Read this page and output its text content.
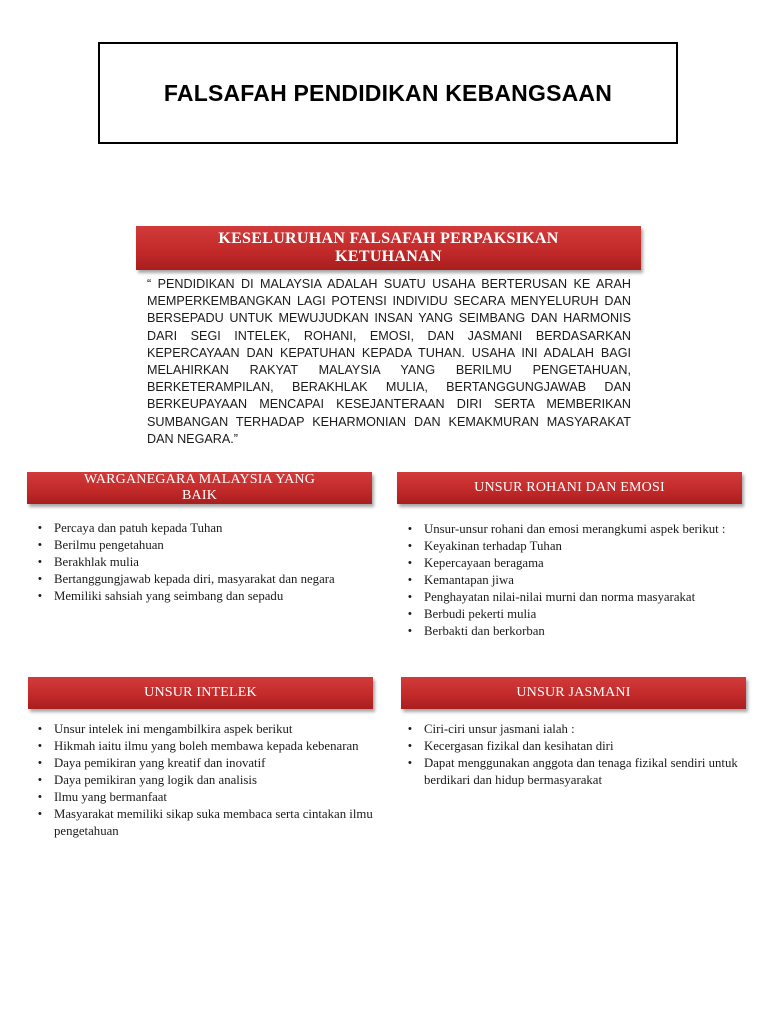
FALSAFAH PENDIDIKAN KEBANGSAAN
KESELURUHAN FALSAFAH PERPAKSIKAN
KETUHANAN

“ PENDIDIKAN DI MALAYSIA ADALAH SUATU USAHA BERTERUSAN KE ARAH MEMPERKEMBANGKAN LAGI POTENSI INDIVIDU SECARA MENYELURUH DAN BERSEPADU UNTUK MEWUJUDKAN INSAN YANG SEIMBANG DAN HARMONIS DARI SEGI INTELEK, ROHANI, EMOSI, DAN JASMANI BERDASARKAN KEPERCAYAAN DAN KEPATUHAN KEPADA TUHAN. USAHA INI ADALAH BAGI MELAHIRKAN RAKYAT MALAYSIA YANG BERILMU PENGETAHUAN, BERKETERAMPILAN, BERAKHLAK MULIA, BERTANGGUNGJAWAB DAN BERKEUPAYAAN MENCAPAI KESEJANTERAAN DIRI SERTA MEMBERIKAN SUMBANGAN TERHADAP KEHARMONIAN DAN KEMAKMURAN MASYARAKAT DAN NEGARA.”

WARGANEGARA MALAYSIA YANG
BAIK
UNSUR ROHANI DAN EMOSI
• Percaya dan patuh kepada Tuhan
• Berilmu pengetahuan
• Berakhlak mulia
• Bertanggungjawab kepada diri, masyarakat dan negara
• Memiliki sahsiah yang seimbang dan sepadu
• Unsur-unsur rohani dan emosi merangkumi aspek berikut :
• Keyakinan terhadap Tuhan
• Kepercayaan beragama
• Kemantapan jiwa
• Penghayatan nilai-nilai murni dan norma masyarakat
• Berbudi pekerti mulia
• Berbakti dan berkorban
UNSUR INTELEK	UNSUR JASMANI
• Unsur intelek ini mengambilkira aspek berikut
• Hikmah iaitu ilmu yang boleh membawa kepada kebenaran
• Daya pemikiran yang kreatif dan inovatif
• Daya pemikiran yang logik dan analisis
• Ilmu yang bermanfaat
• Masyarakat memiliki sikap suka membaca serta cintakan ilmu pengetahuan
• Ciri-ciri unsur jasmani ialah :
• Kecergasan fizikal dan kesihatan diri
• Dapat menggunakan anggota dan tenaga fizikal sendiri untuk berdikari dan hidup bermasyarakat
